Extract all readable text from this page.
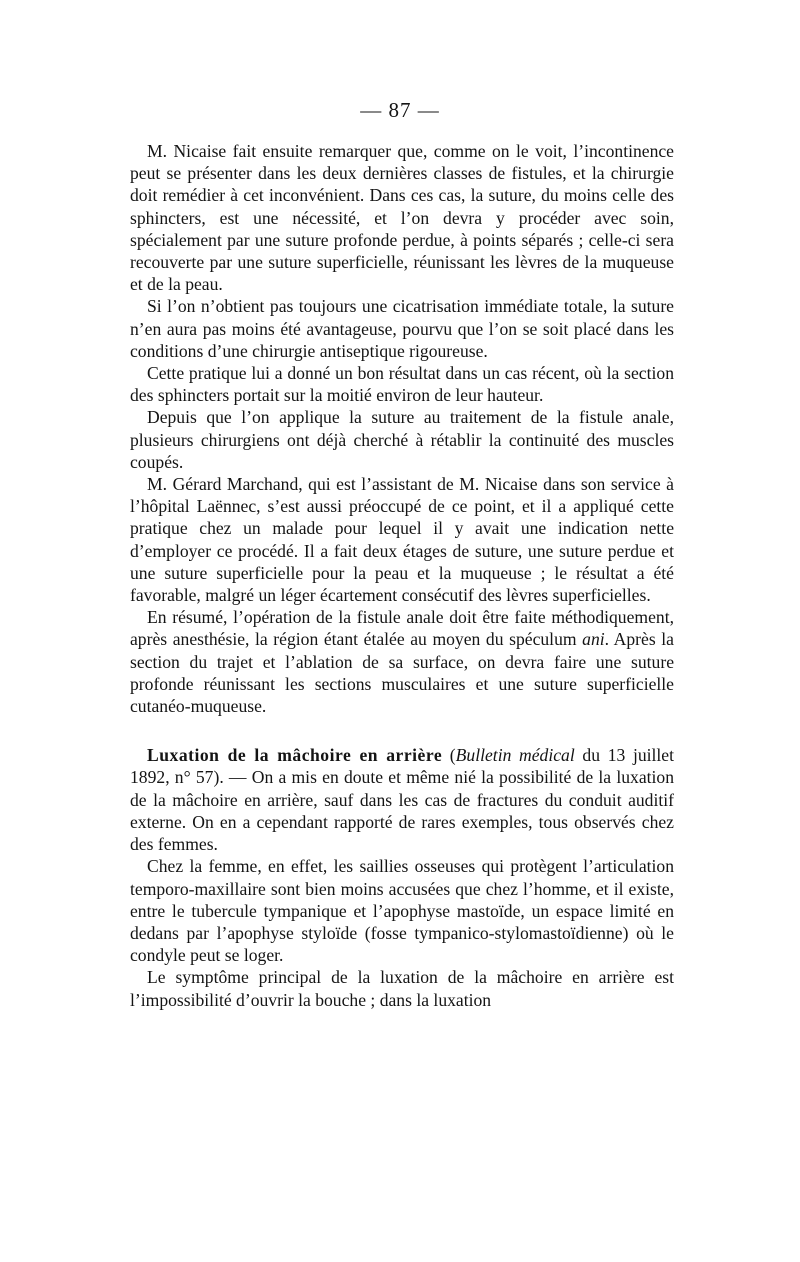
— 87 —

M. Nicaise fait ensuite remarquer que, comme on le voit, l’incontinence peut se présenter dans les deux dernières classes de fistules, et la chirurgie doit remédier à cet inconvénient. Dans ces cas, la suture, du moins celle des sphincters, est une nécessité, et l’on devra y procéder avec soin, spécialement par une suture profonde perdue, à points séparés ; celle-ci sera recouverte par une suture superficielle, réunissant les lèvres de la muqueuse et de la peau.

Si l’on n’obtient pas toujours une cicatrisation immédiate totale, la suture n’en aura pas moins été avantageuse, pourvu que l’on se soit placé dans les conditions d’une chirurgie antiseptique rigoureuse.

Cette pratique lui a donné un bon résultat dans un cas récent, où la section des sphincters portait sur la moitié environ de leur hauteur.

Depuis que l’on applique la suture au traitement de la fistule anale, plusieurs chirurgiens ont déjà cherché à rétablir la continuité des muscles coupés.

M. Gérard Marchand, qui est l’assistant de M. Nicaise dans son service à l’hôpital Laënnec, s’est aussi préoccupé de ce point, et il a appliqué cette pratique chez un malade pour lequel il y avait une indication nette d’employer ce procédé. Il a fait deux étages de suture, une suture perdue et une suture superficielle pour la peau et la muqueuse ; le résultat a été favorable, malgré un léger écartement consécutif des lèvres superficielles.

En résumé, l’opération de la fistule anale doit être faite méthodiquement, après anesthésie, la région étant étalée au moyen du spéculum ani. Après la section du trajet et l’ablation de sa surface, on devra faire une suture profonde réunissant les sections musculaires et une suture superficielle cutanéo-muqueuse.

Luxation de la mâchoire en arrière (Bulletin médical du 13 juillet 1892, n° 57). — On a mis en doute et même nié la possibilité de la luxation de la mâchoire en arrière, sauf dans les cas de fractures du conduit auditif externe. On en a cependant rapporté de rares exemples, tous observés chez des femmes.

Chez la femme, en effet, les saillies osseuses qui protègent l’articulation temporo-maxillaire sont bien moins accusées que chez l’homme, et il existe, entre le tubercule tympanique et l’apophyse mastoïde, un espace limité en dedans par l’apophyse styloïde (fosse tympanico-stylomastoïdienne) où le condyle peut se loger.

Le symptôme principal de la luxation de la mâchoire en arrière est l’impossibilité d’ouvrir la bouche ; dans la luxation
